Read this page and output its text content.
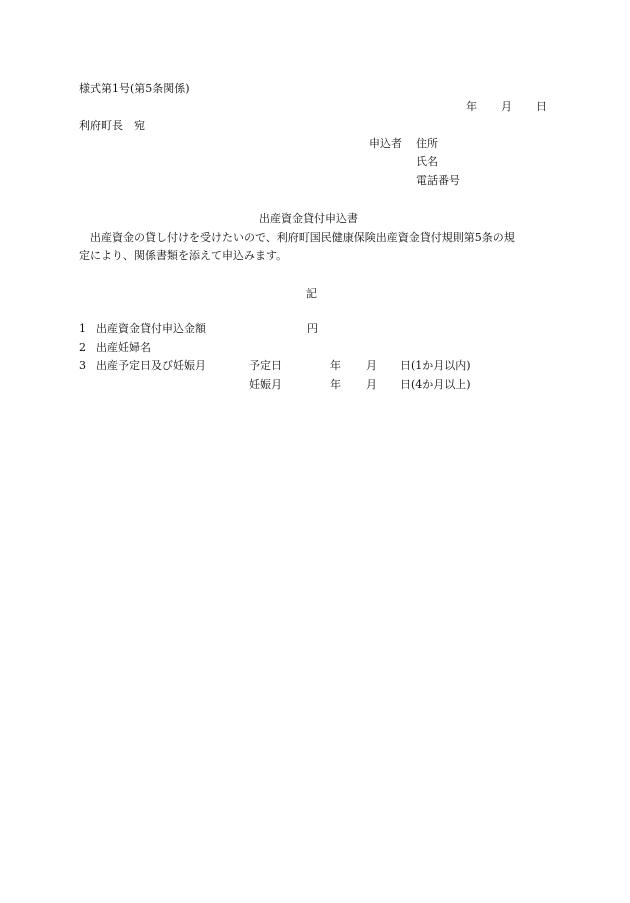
様式第1号(第5条関係)
年 月 日
利府町長　宛
申込者 住所
氏名
電話番号
出産資金貸付申込書
　出産資金の貸し付けを受けたいので、利府町国民健康保険出産資金貸付規則第5条の規
定により、関係書類を添えて申込みます。
記
1 出産資金貸付申込金額	円
2 出産妊婦名
3 出産予定日及び妊娠月	予定日	年 月 日(1か月以内)
妊娠月	年 月 日(4か月以上)
